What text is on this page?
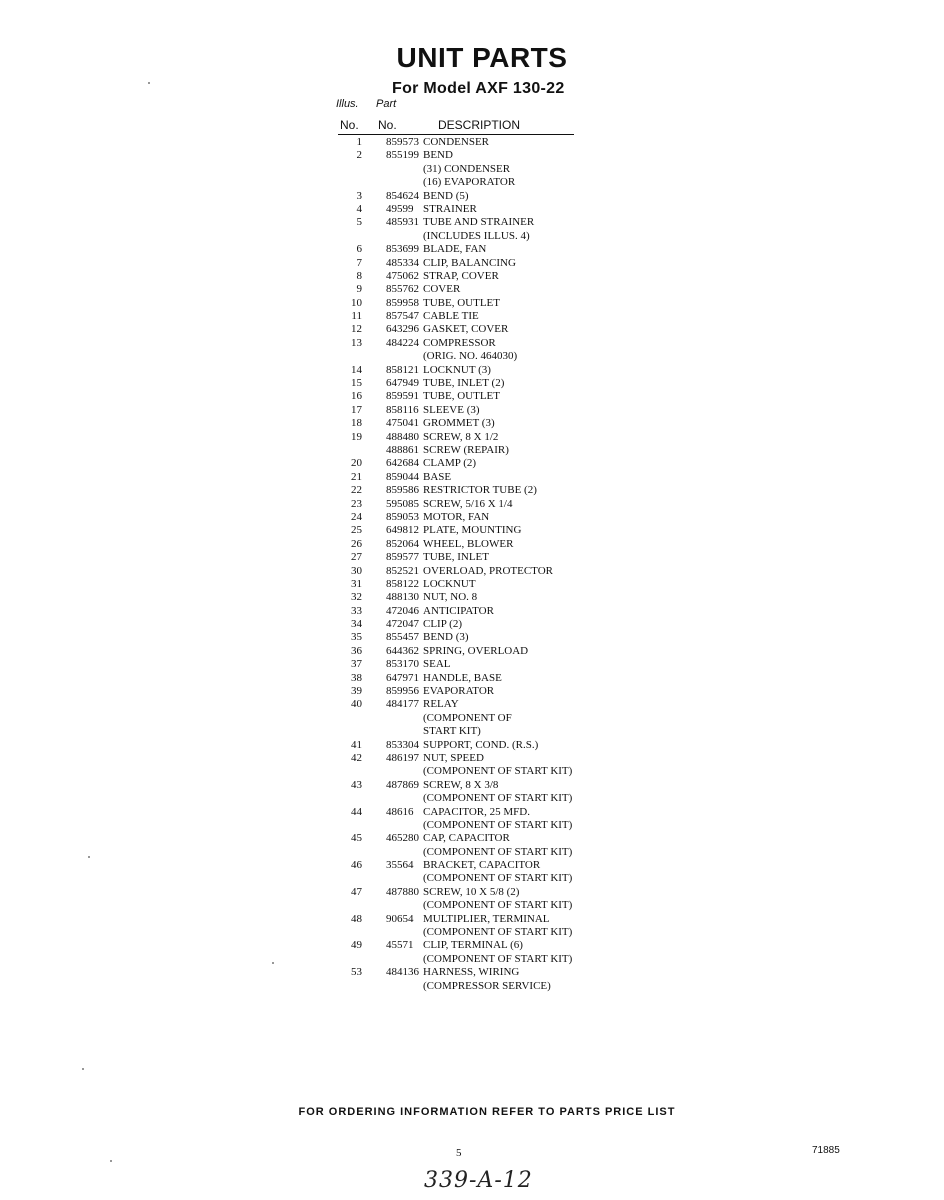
UNIT PARTS
For Model AXF 130-22
Illus. Part
No. No.	DESCRIPTION
1 859573 CONDENSER
2 855199 BEND
(31) CONDENSER
(16) EVAPORATOR
3 854624 BEND (5)
4 49599 STRAINER
5 485931 TUBE AND STRAINER
(INCLUDES ILLUS. 4)
6 853699 BLADE, FAN
7 485334 CLIP, BALANCING
8 475062 STRAP, COVER
9 855762 COVER
10 859958 TUBE, OUTLET
11 857547 CABLE TIE
12 643296 GASKET, COVER
13 484224 COMPRESSOR
(ORIG. NO. 464030)
14 858121 LOCKNUT (3)
15 647949 TUBE, INLET (2)
16 859591 TUBE, OUTLET
17 858116 SLEEVE (3)
18 475041 GROMMET (3)
19 488480 SCREW, 8 X 1/2
488861 SCREW (REPAIR)
20 642684 CLAMP (2)
21 859044 BASE
22 859586 RESTRICTOR TUBE (2)
23 595085 SCREW, 5/16 X 1/4
24 859053 MOTOR, FAN
25 649812 PLATE, MOUNTING
26 852064 WHEEL, BLOWER
27 859577 TUBE, INLET
30 852521 OVERLOAD, PROTECTOR
31 858122 LOCKNUT
32 488130 NUT, NO. 8
33 472046 ANTICIPATOR
34 472047 CLIP (2)
35 855457 BEND (3)
36 644362 SPRING, OVERLOAD
37 853170 SEAL
38 647971 HANDLE, BASE
39 859956 EVAPORATOR
40 484177 RELAY
(COMPONENT OF
START KIT)
41 853304 SUPPORT, COND. (R.S.)
42 486197 NUT, SPEED
(COMPONENT OF START KIT)
43 487869 SCREW, 8 X 3/8
(COMPONENT OF START KIT)
44 48616 CAPACITOR, 25 MFD.
(COMPONENT OF START KIT)
45 465280 CAP, CAPACITOR
(COMPONENT OF START KIT)
46 35564 BRACKET, CAPACITOR
(COMPONENT OF START KIT)
47 487880 SCREW, 10 X 5/8 (2)
(COMPONENT OF START KIT)
48 90654 MULTIPLIER, TERMINAL
(COMPONENT OF START KIT)
49 45571 CLIP, TERMINAL (6)
(COMPONENT OF START KIT)
53 484136 HARNESS, WIRING
(COMPRESSOR SERVICE)
FOR ORDERING INFORMATION REFER TO PARTS PRICE LIST
5	71885
339-A-12
